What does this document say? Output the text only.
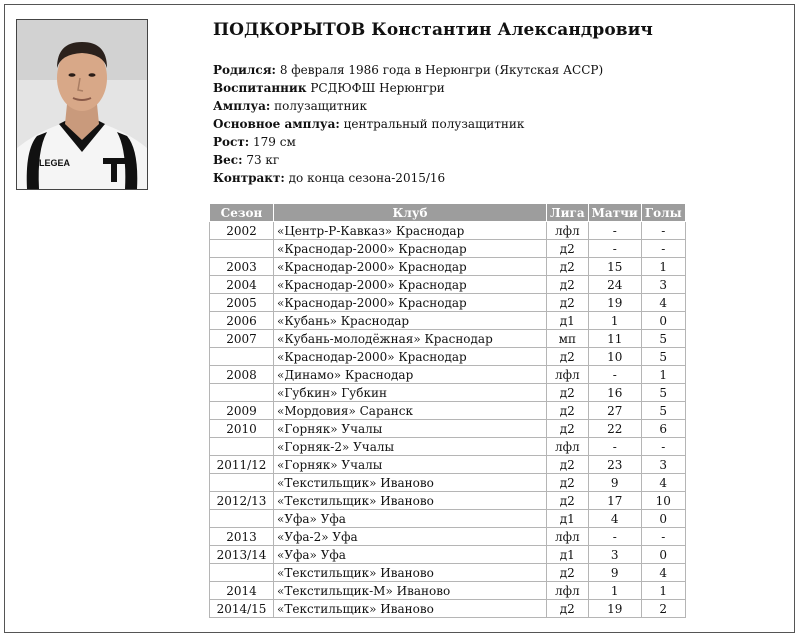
LEGEA
ПОДКОРЫТОВ Константин Александрович
Родился: 8 февраля 1986 года в Нерюнгри (Якутская АССР)
Воспитанник РСДЮФШ Нерюнгри
Амплуа: полузащитник
Основное амплуа: центральный полузащитник
Рост: 179 см
Вес: 73 кг
Контракт: до конца сезона-2015/16
Сезон	Клуб	Лига	Матчи	Голы
2002	«Центр-Р-Кавказ» Краснодар	лфл	-	-
	«Краснодар-2000» Краснодар	д2	-	-
2003	«Краснодар-2000» Краснодар	д2	15	1
2004	«Краснодар-2000» Краснодар	д2	24	3
2005	«Краснодар-2000» Краснодар	д2	19	4
2006	«Кубань» Краснодар	д1	1	0
2007	«Кубань-молодёжная» Краснодар	мп	11	5
	«Краснодар-2000» Краснодар	д2	10	5
2008	«Динамо» Краснодар	лфл	-	1
	«Губкин» Губкин	д2	16	5
2009	«Мордовия» Саранск	д2	27	5
2010	«Горняк» Учалы	д2	22	6
	«Горняк-2» Учалы	лфл	-	-
2011/12	«Горняк» Учалы	д2	23	3
	«Текстильщик» Иваново	д2	9	4
2012/13	«Текстильщик» Иваново	д2	17	10
	«Уфа» Уфа	д1	4	0
2013	«Уфа-2» Уфа	лфл	-	-
2013/14	«Уфа» Уфа	д1	3	0
	«Текстильщик» Иваново	д2	9	4
2014	«Текстильщик-М» Иваново	лфл	1	1
2014/15	«Текстильщик» Иваново	д2	19	2
